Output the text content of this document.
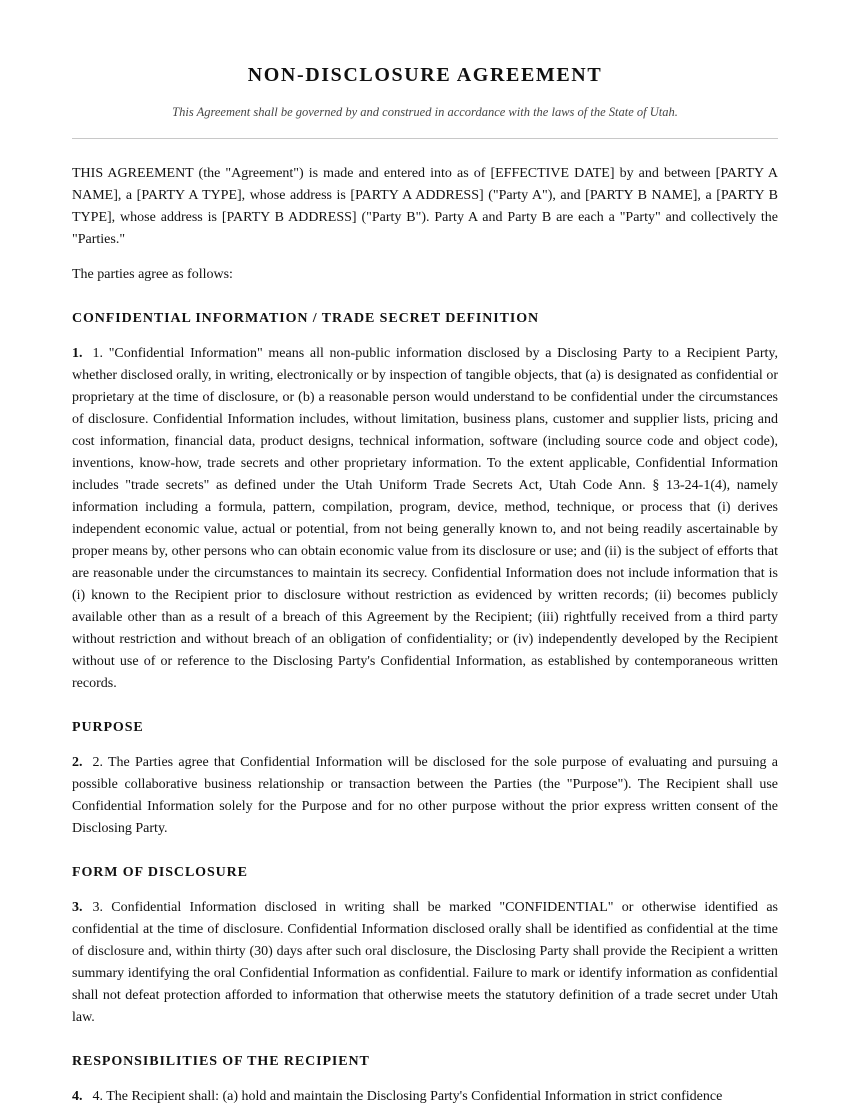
NON-DISCLOSURE AGREEMENT
This Agreement shall be governed by and construed in accordance with the laws of the State of Utah.

THIS AGREEMENT (the "Agreement") is made and entered into as of [EFFECTIVE DATE] by and between [PARTY A NAME], a [PARTY A TYPE], whose address is [PARTY A ADDRESS] ("Party A"), and [PARTY B NAME], a [PARTY B TYPE], whose address is [PARTY B ADDRESS] ("Party B"). Party A and Party B are each a "Party" and collectively the "Parties."

The parties agree as follows:

CONFIDENTIAL INFORMATION / TRADE SECRET DEFINITION

1. 1. "Confidential Information" means all non-public information disclosed by a Disclosing Party to a Recipient Party, whether disclosed orally, in writing, electronically or by inspection of tangible objects, that (a) is designated as confidential or proprietary at the time of disclosure, or (b) a reasonable person would understand to be confidential under the circumstances of disclosure. Confidential Information includes, without limitation, business plans, customer and supplier lists, pricing and cost information, financial data, product designs, technical information, software (including source code and object code), inventions, know-how, trade secrets and other proprietary information. To the extent applicable, Confidential Information includes "trade secrets" as defined under the Utah Uniform Trade Secrets Act, Utah Code Ann. § 13-24-1(4), namely information including a formula, pattern, compilation, program, device, method, technique, or process that (i) derives independent economic value, actual or potential, from not being generally known to, and not being readily ascertainable by proper means by, other persons who can obtain economic value from its disclosure or use; and (ii) is the subject of efforts that are reasonable under the circumstances to maintain its secrecy. Confidential Information does not include information that is (i) known to the Recipient prior to disclosure without restriction as evidenced by written records; (ii) becomes publicly available other than as a result of a breach of this Agreement by the Recipient; (iii) rightfully received from a third party without restriction and without breach of an obligation of confidentiality; or (iv) independently developed by the Recipient without use of or reference to the Disclosing Party's Confidential Information, as established by contemporaneous written records.

PURPOSE

2. 2. The Parties agree that Confidential Information will be disclosed for the sole purpose of evaluating and pursuing a possible collaborative business relationship or transaction between the Parties (the "Purpose"). The Recipient shall use Confidential Information solely for the Purpose and for no other purpose without the prior express written consent of the Disclosing Party.

FORM OF DISCLOSURE

3. 3. Confidential Information disclosed in writing shall be marked "CONFIDENTIAL" or otherwise identified as confidential at the time of disclosure. Confidential Information disclosed orally shall be identified as confidential at the time of disclosure and, within thirty (30) days after such oral disclosure, the Disclosing Party shall provide the Recipient a written summary identifying the oral Confidential Information as confidential. Failure to mark or identify information as confidential shall not defeat protection afforded to information that otherwise meets the statutory definition of a trade secret under Utah law.

RESPONSIBILITIES OF THE RECIPIENT

4. 4. The Recipient shall: (a) hold and maintain the Disclosing Party's Confidential Information in strict confidence
